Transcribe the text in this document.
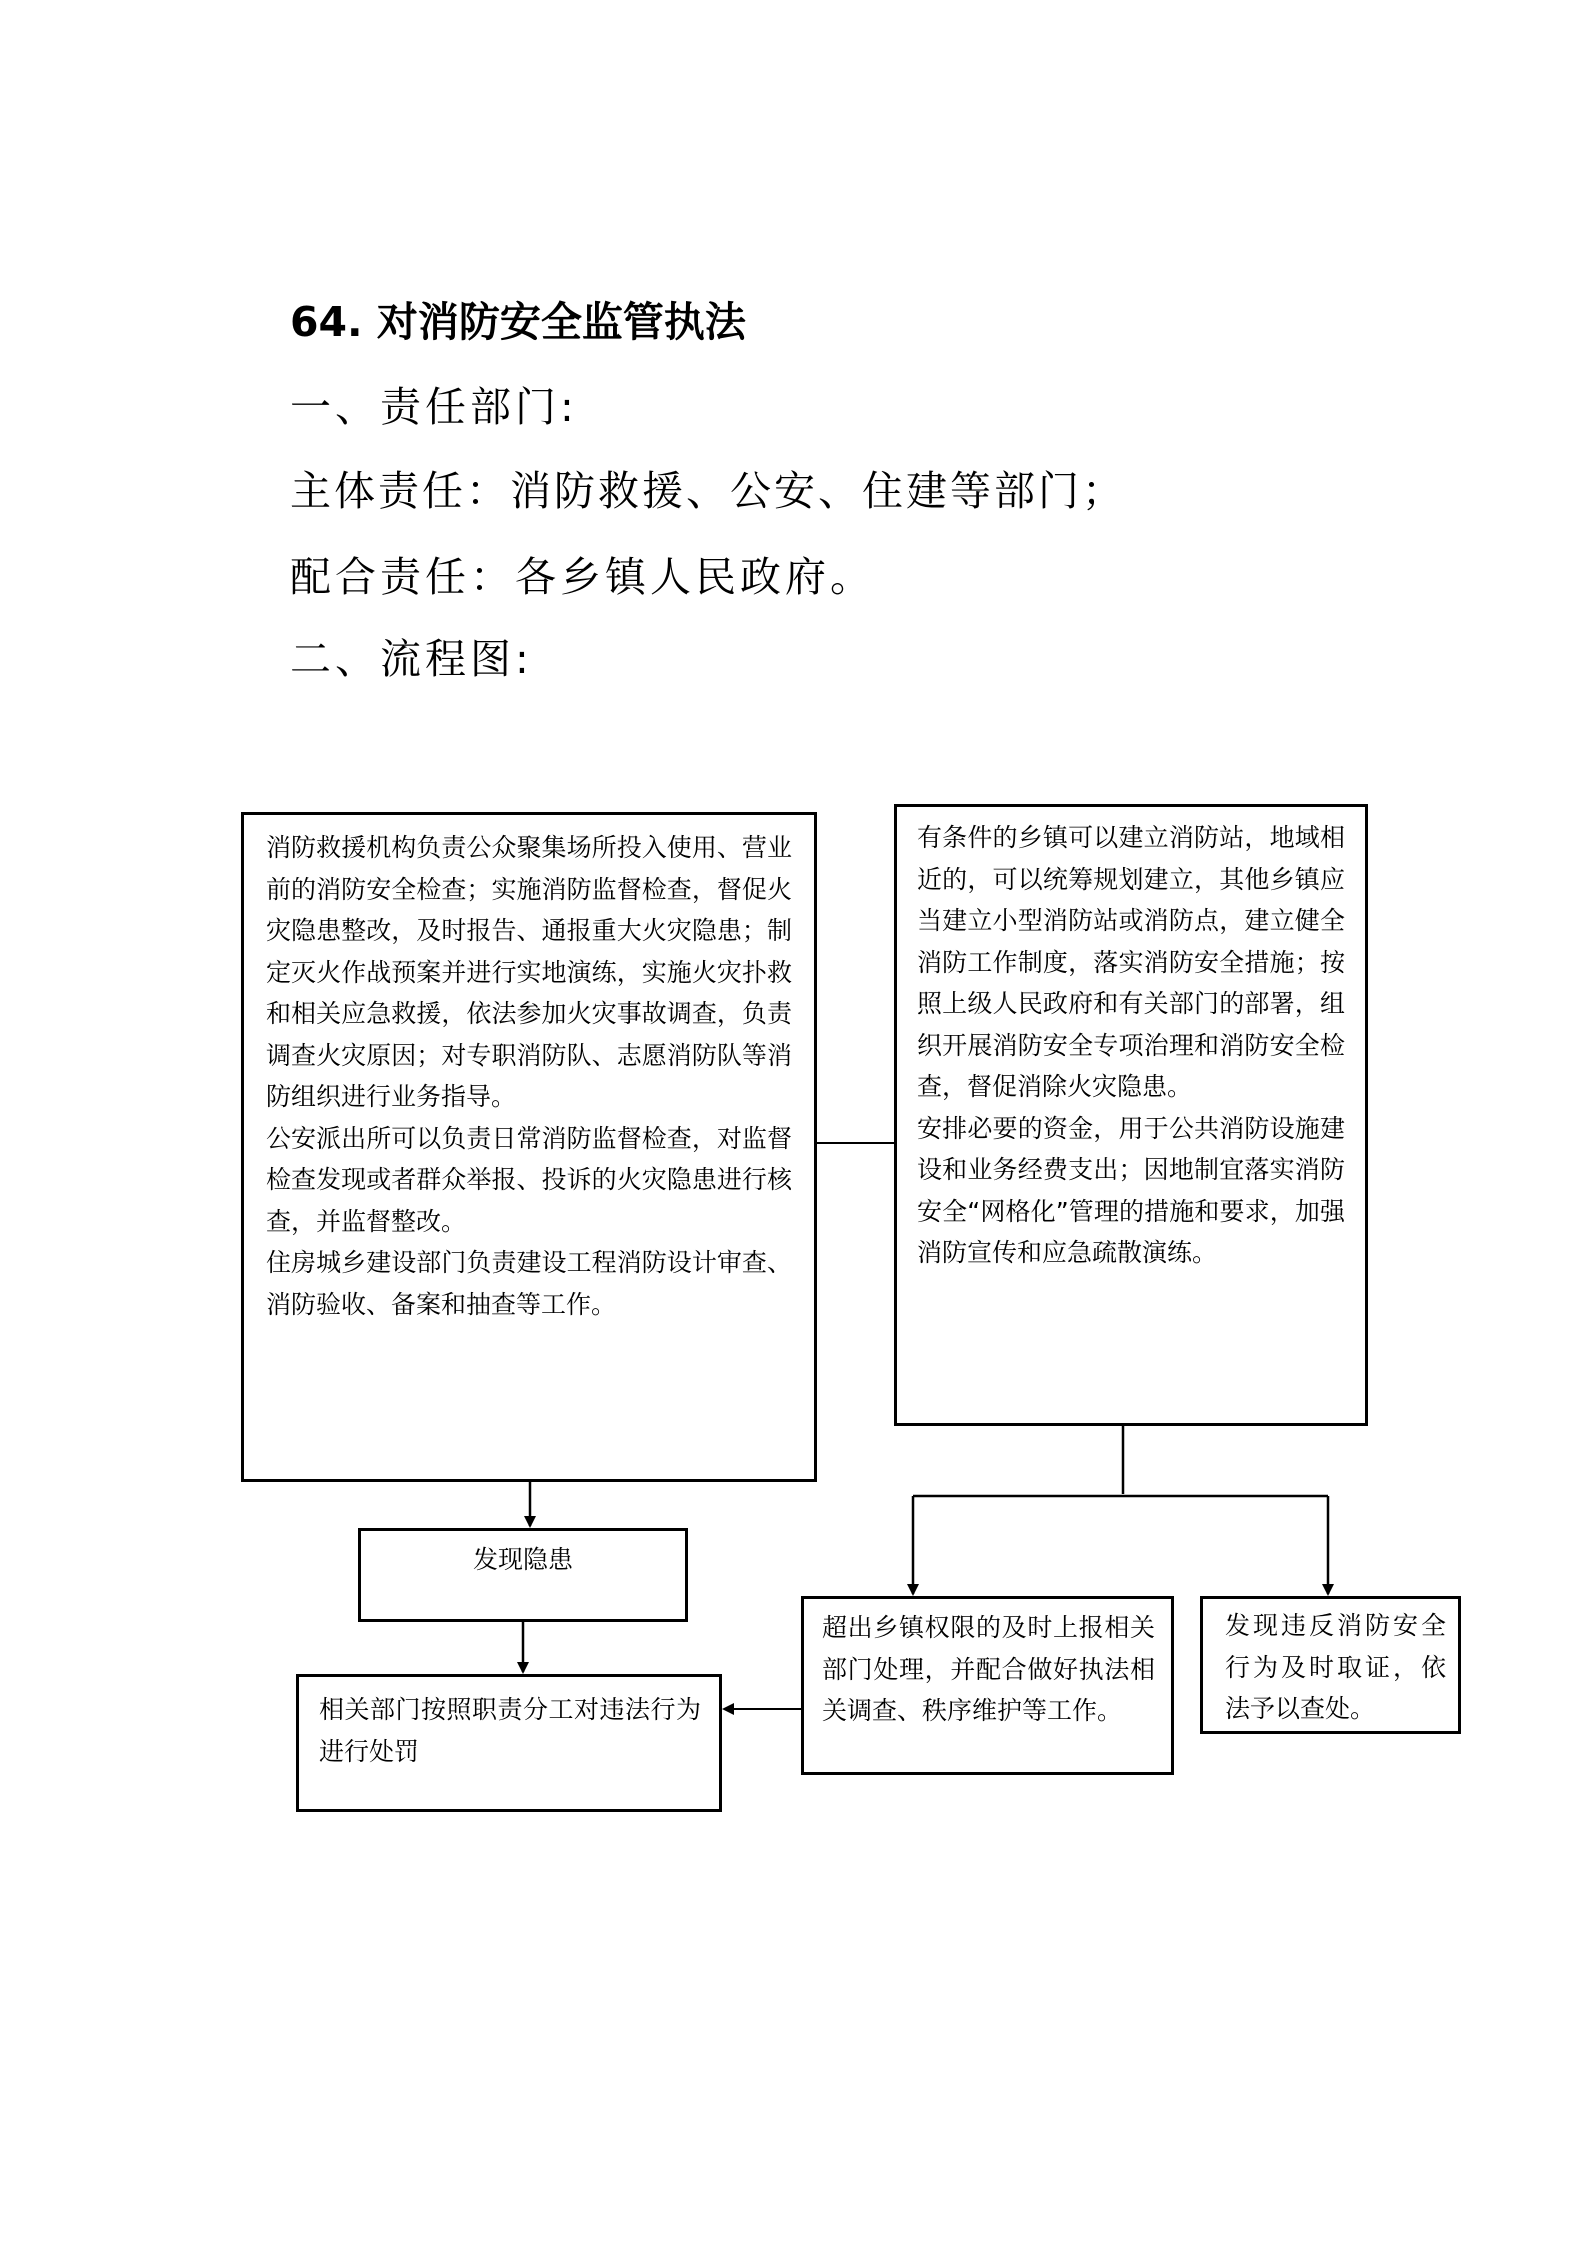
64. 对消防安全监管执法
一、责任部门:
主体责任：消防救援、公安、住建等部门；
配合责任：各乡镇人民政府。
二、流程图:

消防救援机构负责公众聚集场所投入使用、营业前的消防安全检查；实施消防监督检查，督促火灾隐患整改，及时报告、通报重大火灾隐患；制定灭火作战预案并进行实地演练，实施火灾扑救和相关应急救援，依法参加火灾事故调查，负责调查火灾原因；对专职消防队、志愿消防队等消防组织进行业务指导。

公安派出所可以负责日常消防监督检查，对监督检查发现或者群众举报、投诉的火灾隐患进行核查，并监督整改。

住房城乡建设部门负责建设工程消防设计审查、消防验收、备案和抽查等工作。

有条件的乡镇可以建立消防站，地域相近的，可以统筹规划建立，其他乡镇应当建立小型消防站或消防点，建立健全消防工作制度，落实消防安全措施；按照上级人民政府和有关部门的部署，组织开展消防安全专项治理和消防安全检查，督促消除火灾隐患。

安排必要的资金，用于公共消防设施建设和业务经费支出；因地制宜落实消防安全“网格化”管理的措施和要求，加强消防宣传和应急疏散演练。

发现隐患

超出乡镇权限的及时上报相关部门处理，并配合做好执法相关调查、秩序维护等工作。

发现违反消防安全行为及时取证，依法予以查处。

相关部门按照职责分工对违法行为进行处罚
